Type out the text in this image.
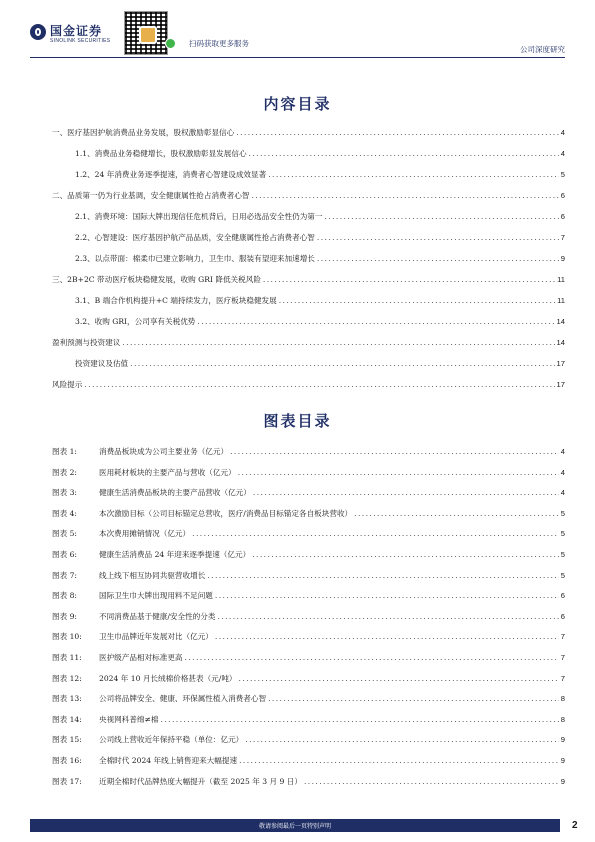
国金证券
SINOLINK SECURITIES	扫码获取更多服务
公司深度研究
内容目录
一、医疗基因护航消费品业务发展，股权激励彰显信心 .....	4
1.1、消费品业务稳健增长，股权激励彰显发展信心 .....	4
1.2、24 年消费业务逐季提速，消费者心智建设成效显著 .....	5
二、品质第一仍为行业基调，安全健康属性抢占消费者心智 .....	6
2.1、消费环境：国际大牌出现信任危机背后，日用必选品安全性仍为第一 .....	6
2.2、心智建设：医疗基因护航产品品质，安全健康属性抢占消费者心智 .....	7
2.3、以点带面：棉柔巾已建立影响力，卫生巾、服装有望迎来加速增长 .....	9
三、2B+2C 带动医疗板块稳健发展，收购 GRI 降低关税风险 .....	11
3.1、B 端合作机构提升+C 端持续发力，医疗板块稳健发展 .....	11
3.2、收购 GRI，公司享有关税优势 .....	14
盈利预测与投资建议 .....	14
投资建议及估值 .....	17
风险提示 .....	17
图表目录
图表 1:	消费品板块成为公司主要业务（亿元） .....	4
图表 2:	医用耗材板块的主要产品与营收（亿元） .....	4
图表 3:	健康生活消费品板块的主要产品营收（亿元） .....	4
图表 4:	本次激励目标（公司目标锚定总营收，医疗/消费品目标锚定各自板块营收） .....	5
图表 5:	本次费用摊销情况（亿元） .....	5
图表 6:	健康生活消费品 24 年迎来逐季提速（亿元） .....	5
图表 7:	线上线下相互协同共驱营收增长 .....	5
图表 8:	国际卫生巾大牌出现用料不足问题 .....	6
图表 9:	不同消费品基于健康/安全性的分类 .....	6
图表 10:	卫生巾品牌近年发展对比（亿元） .....	7
图表 11:	医护级产品相对标准更高 .....	7
图表 12:	2024 年 10 月长绒棉价格甚表（元/吨） .....	7
图表 13:	公司将品牌安全、健康、环保属性植入消费者心智 .....	8
图表 14:	央视网科普绵≠棉 .....	8
图表 15:	公司线上营收近年保持平稳（单位：亿元） .....	9
图表 16:	全棉时代 2024 年线上销售迎来大幅提速 .....	9
图表 17:	近期全棉时代品牌热度大幅提升（截至 2025 年 3 月 9 日） .....	9
敬请参阅最后一页特别声明	2
